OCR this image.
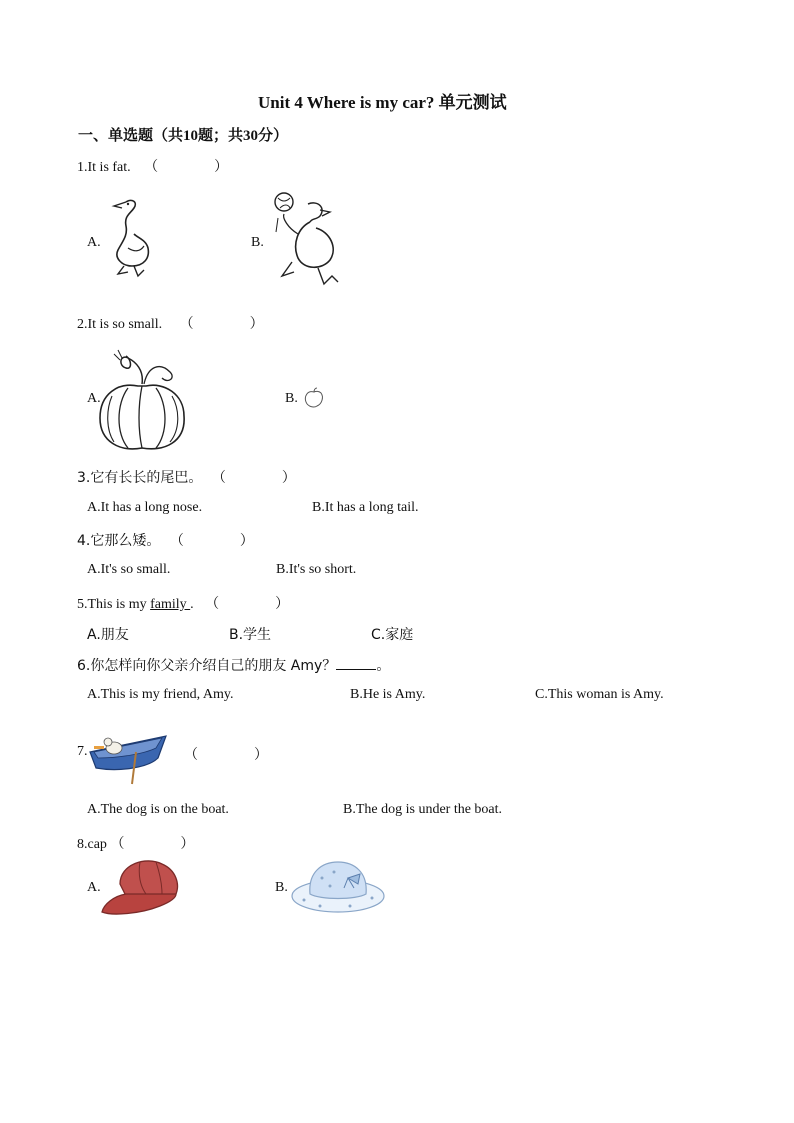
Unit 4 Where is my car? 单元测试
一、单选题（共10题；共30分）
1.It is fat. （　　　　）
A.	B.
2.It is so small. （　　　　）
A.	B.
3.它有长长的尾巴。 （　　　　）
A.It has a long nose.	B.It has a long tail.
4.它那么矮。 （　　　　）
A.It's so small.	B.It's so short.
5.This is my family . （　　　　）
A.朋友	B.学生	C.家庭
6.你怎样向你父亲介绍自己的朋友 Amy？	。
A.This is my friend, Amy.	B.He is Amy.	C.This woman is Amy.
7.	（　　　　）
A.The dog is on the boat.	B.The dog is under the boat.
8.cap （　　　　）
A.	B.
